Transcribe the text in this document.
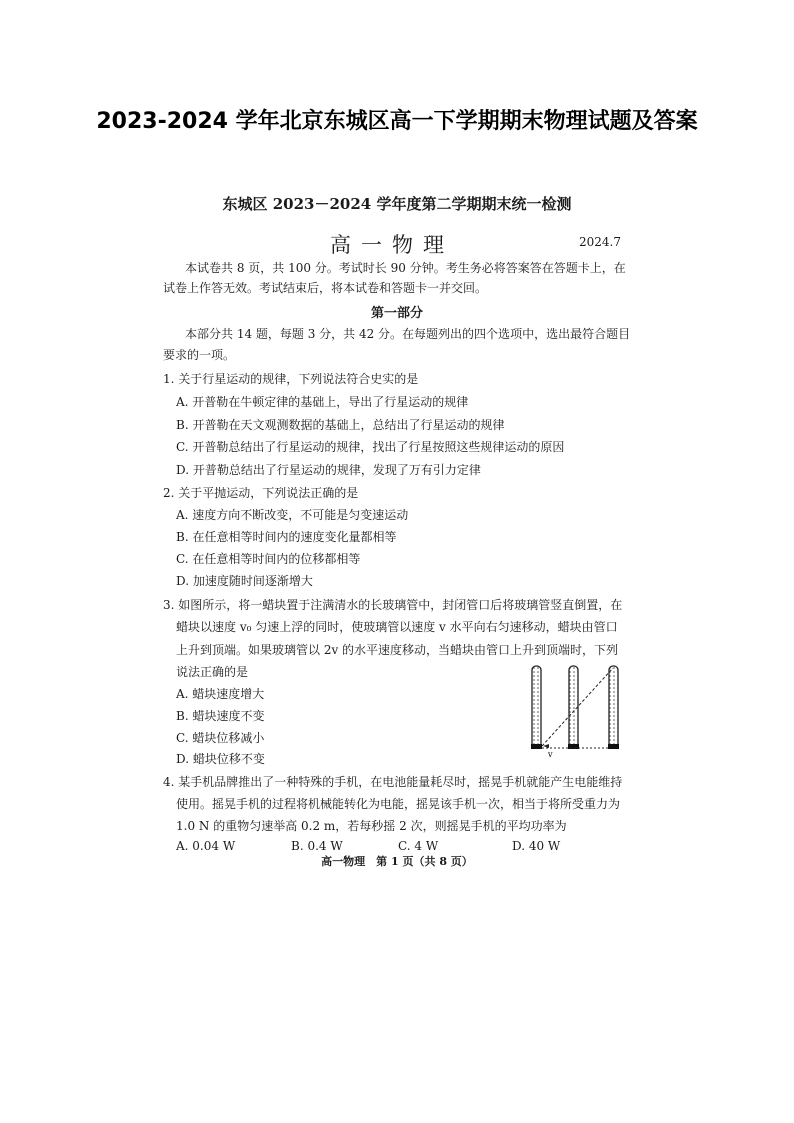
2023-2024 学年北京东城区高一下学期期末物理试题及答案
东城区 2023－2024 学年度第二学期期末统一检测
高一物理	2024.7
本试卷共 8 页，共 100 分。考试时长 90 分钟。考生务必将答案答在答题卡上，在
试卷上作答无效。考试结束后，将本试卷和答题卡一并交回。
第一部分
本部分共 14 题，每题 3 分，共 42 分。在每题列出的四个选项中，选出最符合题目
要求的一项。
1. 关于行星运动的规律，下列说法符合史实的是
A. 开普勒在牛顿定律的基础上，导出了行星运动的规律
B. 开普勒在天文观测数据的基础上，总结出了行星运动的规律
C. 开普勒总结出了行星运动的规律，找出了行星按照这些规律运动的原因
D. 开普勒总结出了行星运动的规律，发现了万有引力定律
2. 关于平抛运动，下列说法正确的是
A. 速度方向不断改变，不可能是匀变速运动
B. 在任意相等时间内的速度变化量都相等
C. 在任意相等时间内的位移都相等
D. 加速度随时间逐渐增大
3. 如图所示，将一蜡块置于注满清水的长玻璃管中，封闭管口后将玻璃管竖直倒置，在
蜡块以速度 v₀ 匀速上浮的同时，使玻璃管以速度 v 水平向右匀速移动，蜡块由管口
上升到顶端。如果玻璃管以 2v 的水平速度移动，当蜡块由管口上升到顶端时，下列
说法正确的是
A. 蜡块速度增大
B. 蜡块速度不变
C. 蜡块位移减小
D. 蜡块位移不变	v
4. 某手机品牌推出了一种特殊的手机，在电池能量耗尽时，摇晃手机就能产生电能维持
使用。摇晃手机的过程将机械能转化为电能，摇晃该手机一次，相当于将所受重力为
1.0 N 的重物匀速举高 0.2 m，若每秒摇 2 次，则摇晃手机的平均功率为
A. 0.04 W	B. 0.4 W	C. 4 W	D. 40 W
高一物理　第 1 页（共 8 页）
